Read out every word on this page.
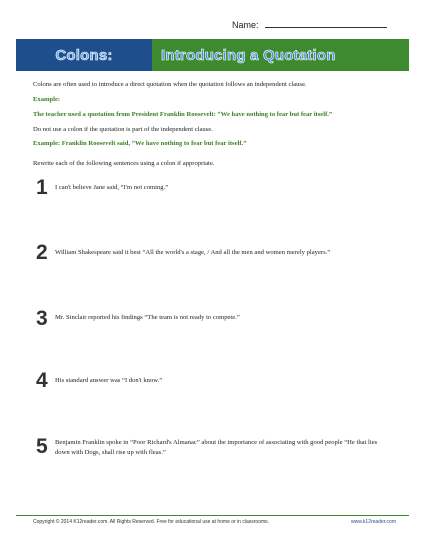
Name:
Colons:	Introducing a Quotation
Colons are often used to introduce a direct quotation when the quotation follows an independent clause.
Example:
The teacher used a quotation from President Franklin Roosevelt: “We have nothing to fear but fear itself.”
Do not use a colon if the quotation is part of the independent clause.
Example: Franklin Roosevelt said, “We have nothing to fear but fear itself.”
Rewrite each of the following sentences using a colon if appropriate.
1 I can't believe Jane said, “I'm not coming.”
2 William Shakespeare said it best “All the world's a stage, / And all the men and women merely players.”
3 Mr. Sinclair reported his findings “The team is not ready to compete.”
4 His standard answer was “I don't know.”
5 Benjamin Franklin spoke in “Poor Richard's Almanac” about the importance of associating with good people “He that lies down with Dogs, shall rise up with fleas.”
Copyright © 2014 K12reader.com. All Rights Reserved. Free for educational use at home or in classrooms.	www.k12reader.com
